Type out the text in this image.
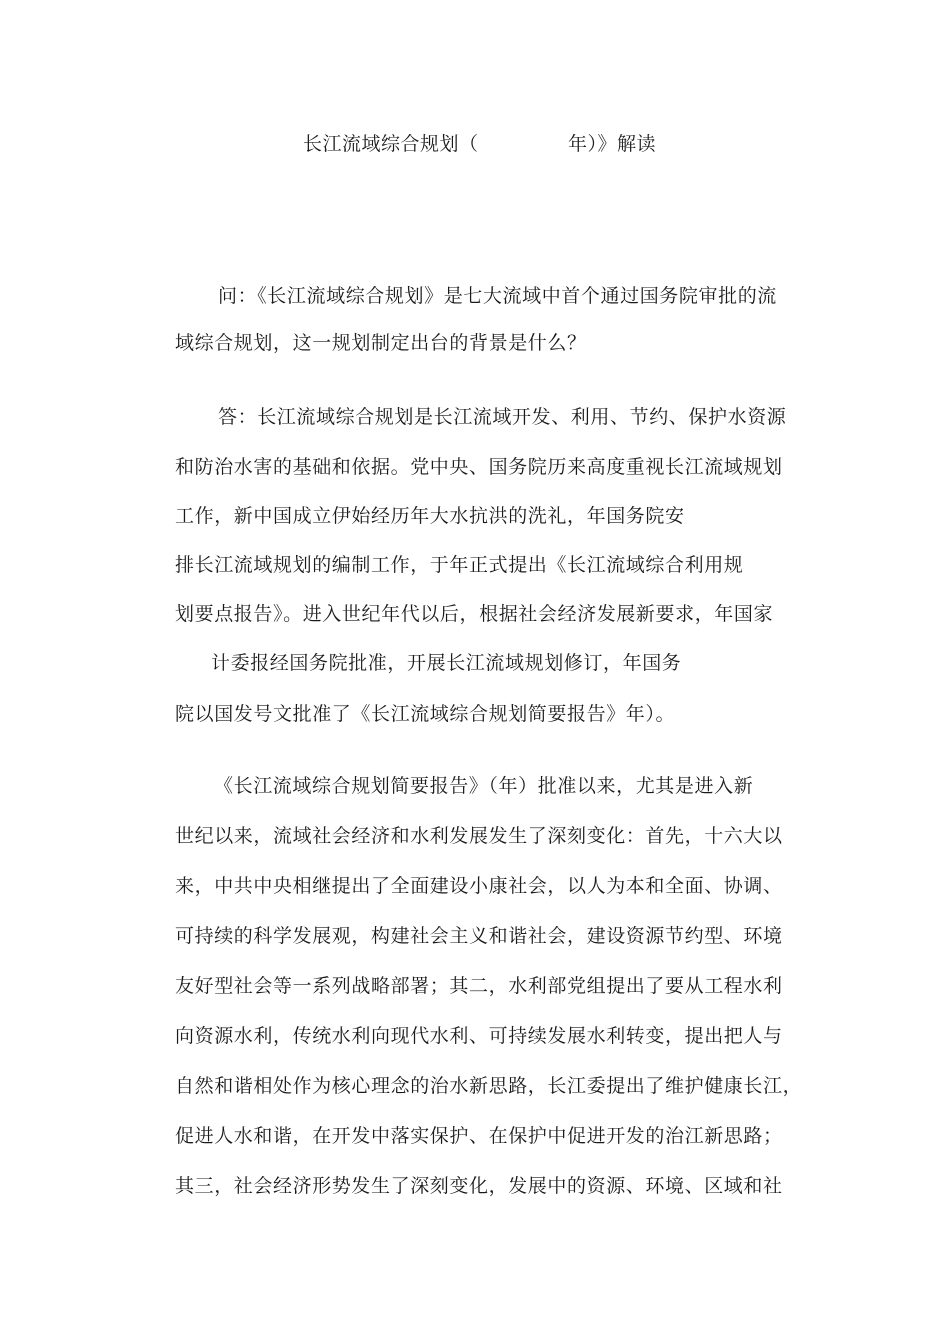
长江流域综合规划（	年）》解读
问：《长江流域综合规划》是七大流域中首个通过国务院审批的流
域综合规划，这一规划制定出台的背景是什么？
答：长江流域综合规划是长江流域开发、利用、节约、保护水资源
和防治水害的基础和依据。党中央、国务院历来高度重视长江流域规划
工作，新中国成立伊始经历年大水抗洪的洗礼，年国务院安
排长江流域规划的编制工作，于年正式提出《长江流域综合利用规
划要点报告》。进入世纪年代以后，根据社会经济发展新要求，年国家
计委报经国务院批准，开展长江流域规划修订，年国务
院以国发号文批准了《长江流域综合规划简要报告》年）。
《长江流域综合规划简要报告》（年）批准以来，尤其是进入新
世纪以来，流域社会经济和水利发展发生了深刻变化：首先，十六大以
来，中共中央相继提出了全面建设小康社会，以人为本和全面、协调、
可持续的科学发展观，构建社会主义和谐社会，建设资源节约型、环境
友好型社会等一系列战略部署；其二，水利部党组提出了要从工程水利
向资源水利，传统水利向现代水利、可持续发展水利转变，提出把人与
自然和谐相处作为核心理念的治水新思路，长江委提出了维护健康长江，
促进人水和谐，在开发中落实保护、在保护中促进开发的治江新思路；
其三，社会经济形势发生了深刻变化，发展中的资源、环境、区域和社
